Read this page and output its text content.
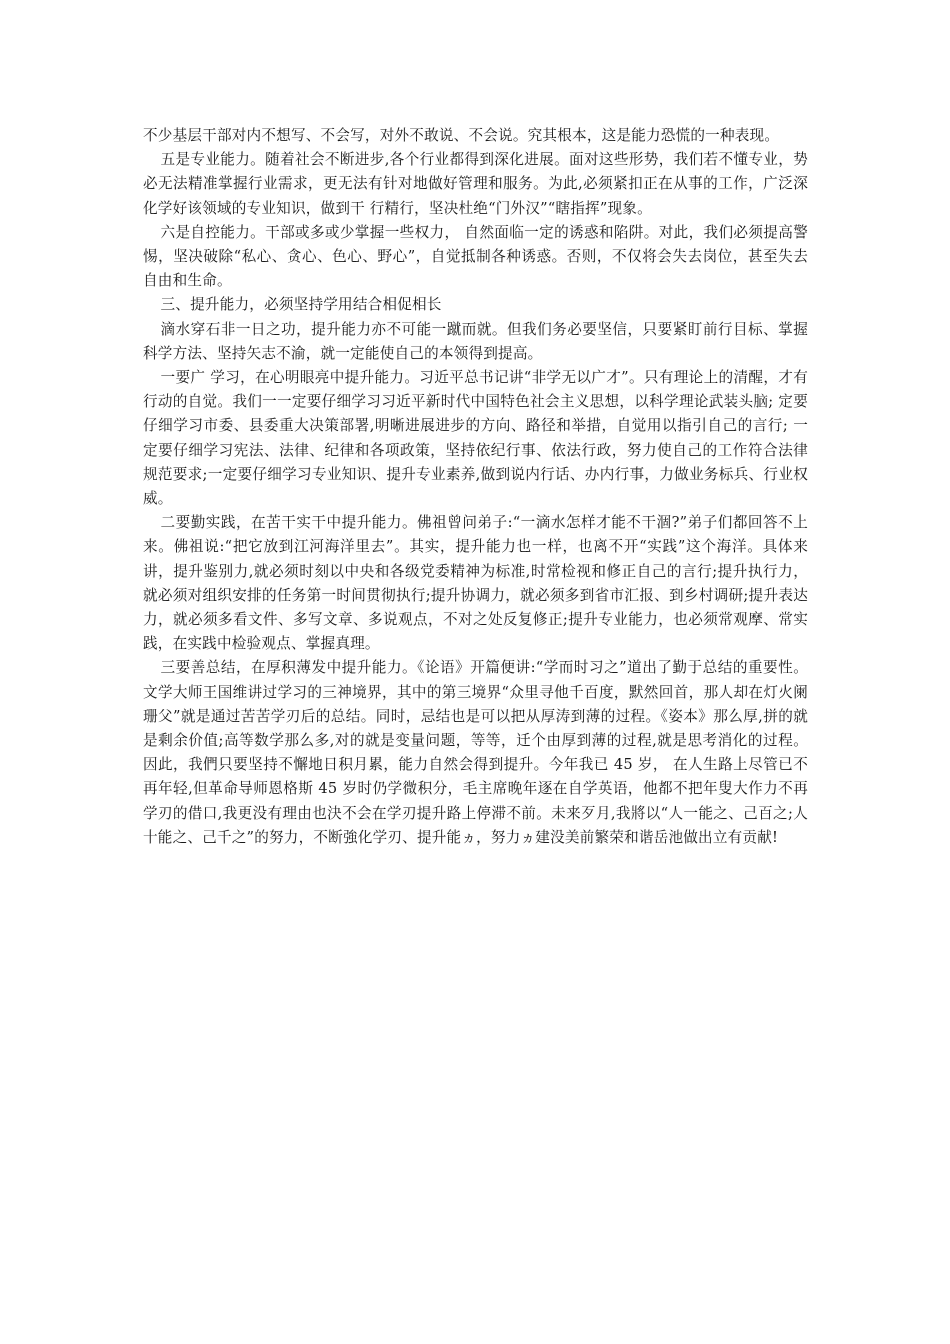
不少基层干部对内不想写、不会写，对外不敢说、不会说。究其根本，这是能力恐慌的一种表现。

五是专业能力。随着社会不断进步,各个行业都得到深化进展。面对这些形势，我们若不懂专业，势必无法精准掌握行业需求，更无法有针对地做好管理和服务。为此,必须紧扣正在从事的工作，广泛深化学好该领域的专业知识，做到干 行精行，坚决杜绝“门外汉”“瞎指挥”现象。

六是自控能力。干部或多或少掌握一些权力， 自然面临一定的诱惑和陷阱。对此，我们必须提高警惕，坚决破除“私心、贪心、色心、野心”，自觉抵制各种诱惑。否则，不仅将会失去岗位，甚至失去自由和生命。

三、提升能力，必须坚持学用结合相促相长

滴水穿石非一日之功，提升能力亦不可能一蹴而就。但我们务必要坚信，只要紧盯前行目标、掌握科学方法、坚持矢志不渝，就一定能使自己的本领得到提高。

一要广 学习，在心明眼亮中提升能力。习近平总书记讲“非学无以广才”。只有理论上的清醒，才有行动的自觉。我们一一定要仔细学习习近平新时代中国特色社会主义思想，以科学理论武装头脑; 定要仔细学习市委、县委重大决策部署,明晰进展进步的方向、路径和举措，自觉用以指引自己的言行; 一定要仔细学习宪法、法律、纪律和各项政策，坚持依纪行事、依法行政，努力使自己的工作符合法律规范要求;一定要仔细学习专业知识、提升专业素养,做到说内行话、办内行事，力做业务标兵、行业权威。

二要勤实践，在苦干实干中提升能力。佛祖曾问弟子:“一滴水怎样才能不干涸?”弟子们都回答不上来。佛祖说:“把它放到江河海洋里去”。其实，提升能力也一样，也离不开“实践”这个海洋。具体来讲，提升鉴别力,就必须时刻以中央和各级党委精神为标准,时常检视和修正自己的言行;提升执行力，就必须对组织安排的任务第一时间贯彻执行;提升协调力，就必须多到省市汇报、到乡村调研;提升表达力，就必须多看文件、多写文章、多说观点，不对之处反复修正;提升专业能力，也必须常观摩、常实践，在实践中检验观点、掌握真理。

三要善总结，在厚积薄发中提升能力。《论语》开篇便讲:“学而时习之”道出了勤于总结的重要性。文学大师王国维讲过学习的三神境界，其中的第三境界“众里寻他千百度，默然回首，那人却在灯火阑珊父”就是通过苦苦学刃后的总结。同时，忌结也是可以把从厚涛到薄的过程。《姿本》那么厚,拼的就是剩余价值;高等数学那么多,对的就是变量问题，等等，迁个由厚到薄的过程,就是思考消化的过程。因此，我們只要坚持不懈地日积月累，能力自然会得到提升。今年我已 45 岁， 在人生路上尽管已不再年轻,但革命导师恩格斯 45 岁时仍学微积分，毛主席晚年逐在自学英语，他都不把年叟大作力不再学刃的借口,我更没有理由也決不会在学刃提升路上停滞不前。未来歹月,我將以“人一能之、己百之;人十能之、己千之”的努力，不断強化学刃、提升能ヵ，努力ヵ建没美前繁荣和谐岳池做出立有贡献!
